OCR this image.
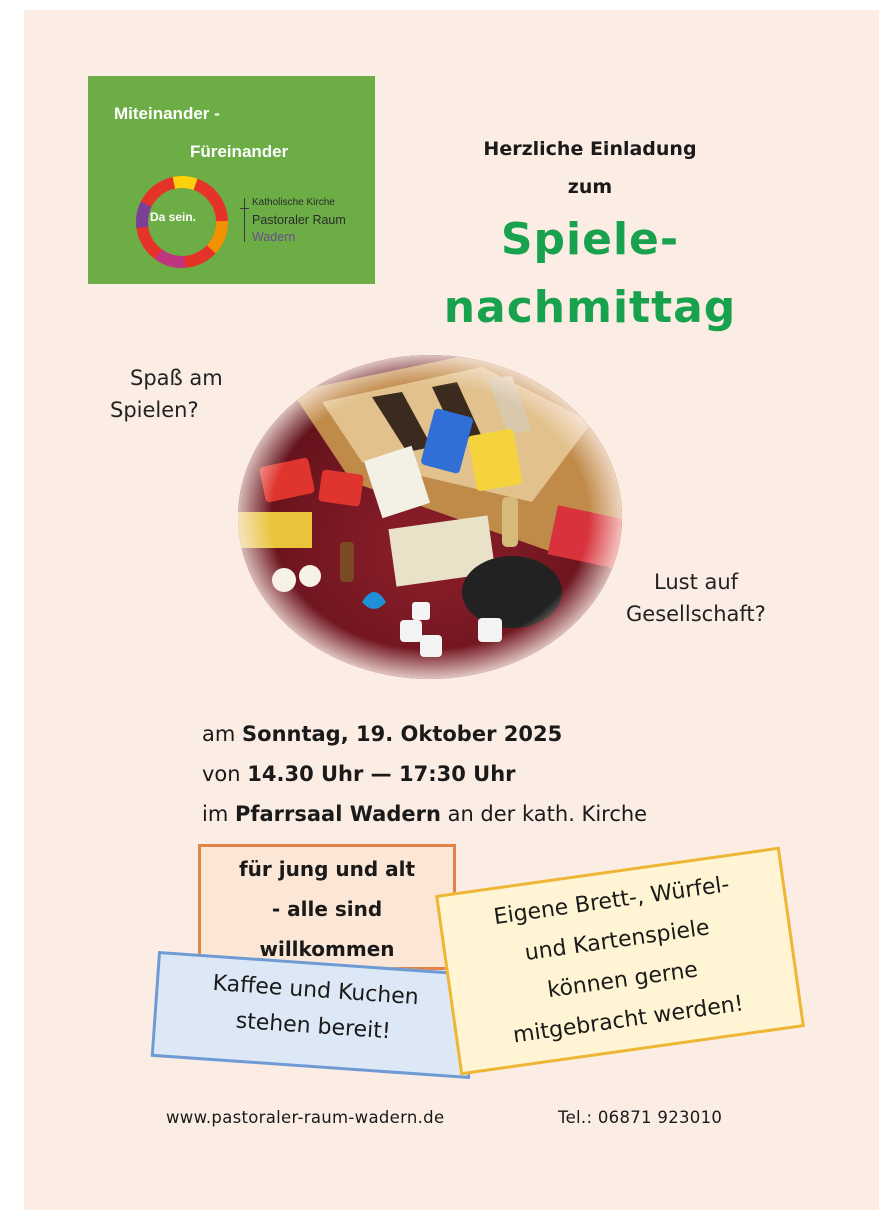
Miteinander -
Füreinander
Da sein.
Katholische Kirche
Pastoraler Raum
Wadern
Herzliche Einladung
zum
Spiele-
nachmittag
Spaß am
Spielen?
Lust auf
Gesellschaft?
am Sonntag, 19. Oktober 2025
von 14.30 Uhr — 17:30 Uhr
im Pfarrsaal Wadern an der kath. Kirche
für jung und alt
- alle sind
willkommen
Kaffee und Kuchen
stehen bereit!
Eigene Brett-, Würfel-
und Kartenspiele
können gerne
mitgebracht werden!
www.pastoraler-raum-wadern.de	Tel.: 06871 923010
